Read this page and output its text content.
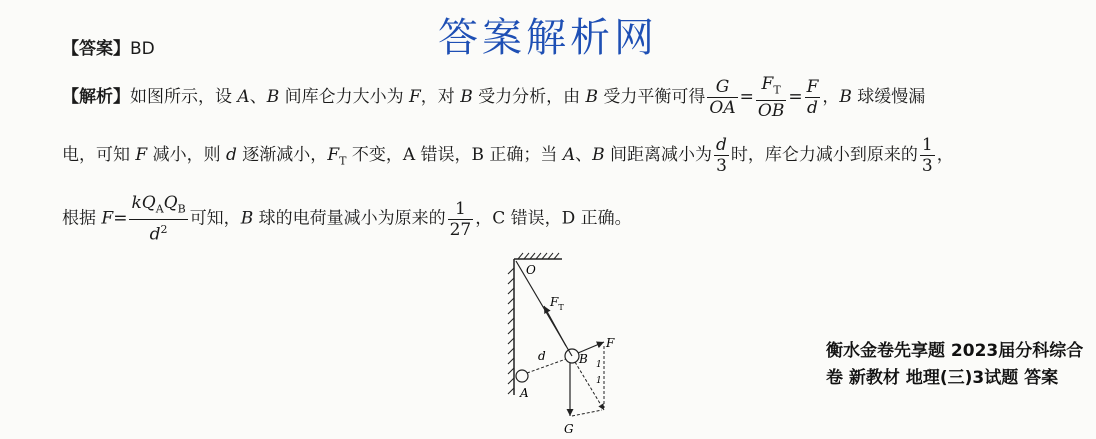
答案解析网
【答案】BD
【解析】如图所示，设 A、B 间库仑力大小为 F，对 B 受力分析，由 B 受力平衡可得 $\frac{G}{OA} = \frac{F_T}{OB} = \frac{F}{d}$ ，B 球缓慢漏
电，可知 F 减小，则 d 逐渐减小，$F_T$ 不变，A 错误，B 正确；当 A、B 间距离减小为 $\frac{d}{3}$ 时，库仑力减小到原来的 $\frac{1}{3}$ ，
根据 $F= \frac{kQ_AQ_B}{d^2}$ 可知，B 球的电荷量减小为原来的 $\frac{1}{27}$ ，C 错误，D 正确。
O
$F_T$
B
A
d
F
G
1
1
衡水金卷先享题 2023届分科综合卷 新教材 地理(三)3试题 答案
